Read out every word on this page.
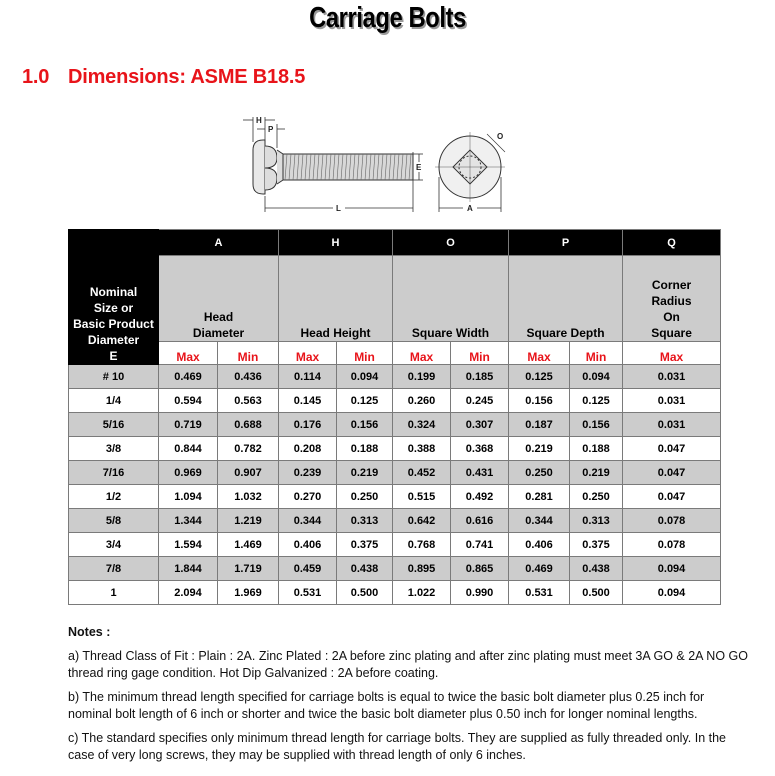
Carriage Bolts
1.0 Dimensions: ASME B18.5
H
P
L
E
A
O
Nominal
Size or
Basic Product
Diameter
E	A		H		O		P		Q
	Head
Diameter		Head Height		Square Width		Square Depth		Corner
Radius
On
Square
	Max	Min	Max	Min	Max	Min	Max	Min	Max
# 10	0.469	0.436	0.114	0.094	0.199	0.185	0.125	0.094	0.031
1/4	0.594	0.563	0.145	0.125	0.260	0.245	0.156	0.125	0.031
5/16	0.719	0.688	0.176	0.156	0.324	0.307	0.187	0.156	0.031
3/8	0.844	0.782	0.208	0.188	0.388	0.368	0.219	0.188	0.047
7/16	0.969	0.907	0.239	0.219	0.452	0.431	0.250	0.219	0.047
1/2	1.094	1.032	0.270	0.250	0.515	0.492	0.281	0.250	0.047
5/8	1.344	1.219	0.344	0.313	0.642	0.616	0.344	0.313	0.078
3/4	1.594	1.469	0.406	0.375	0.768	0.741	0.406	0.375	0.078
7/8	1.844	1.719	0.459	0.438	0.895	0.865	0.469	0.438	0.094
1	2.094	1.969	0.531	0.500	1.022	0.990	0.531	0.500	0.094
Notes :

a) Thread Class of Fit : Plain : 2A. Zinc Plated : 2A before zinc plating and after zinc plating must meet 3A GO & 2A NO GO thread ring gage condition. Hot Dip Galvanized : 2A before coating.

b) The minimum thread length specified for carriage bolts is equal to twice the basic bolt diameter plus 0.25 inch for nominal bolt length of 6 inch or shorter and twice the basic bolt diameter plus 0.50 inch for longer nominal lengths.

c) The standard specifies only minimum thread length for carriage bolts. They are supplied as fully threaded only. In the case of very long screws, they may be supplied with thread length of only 6 inches.
